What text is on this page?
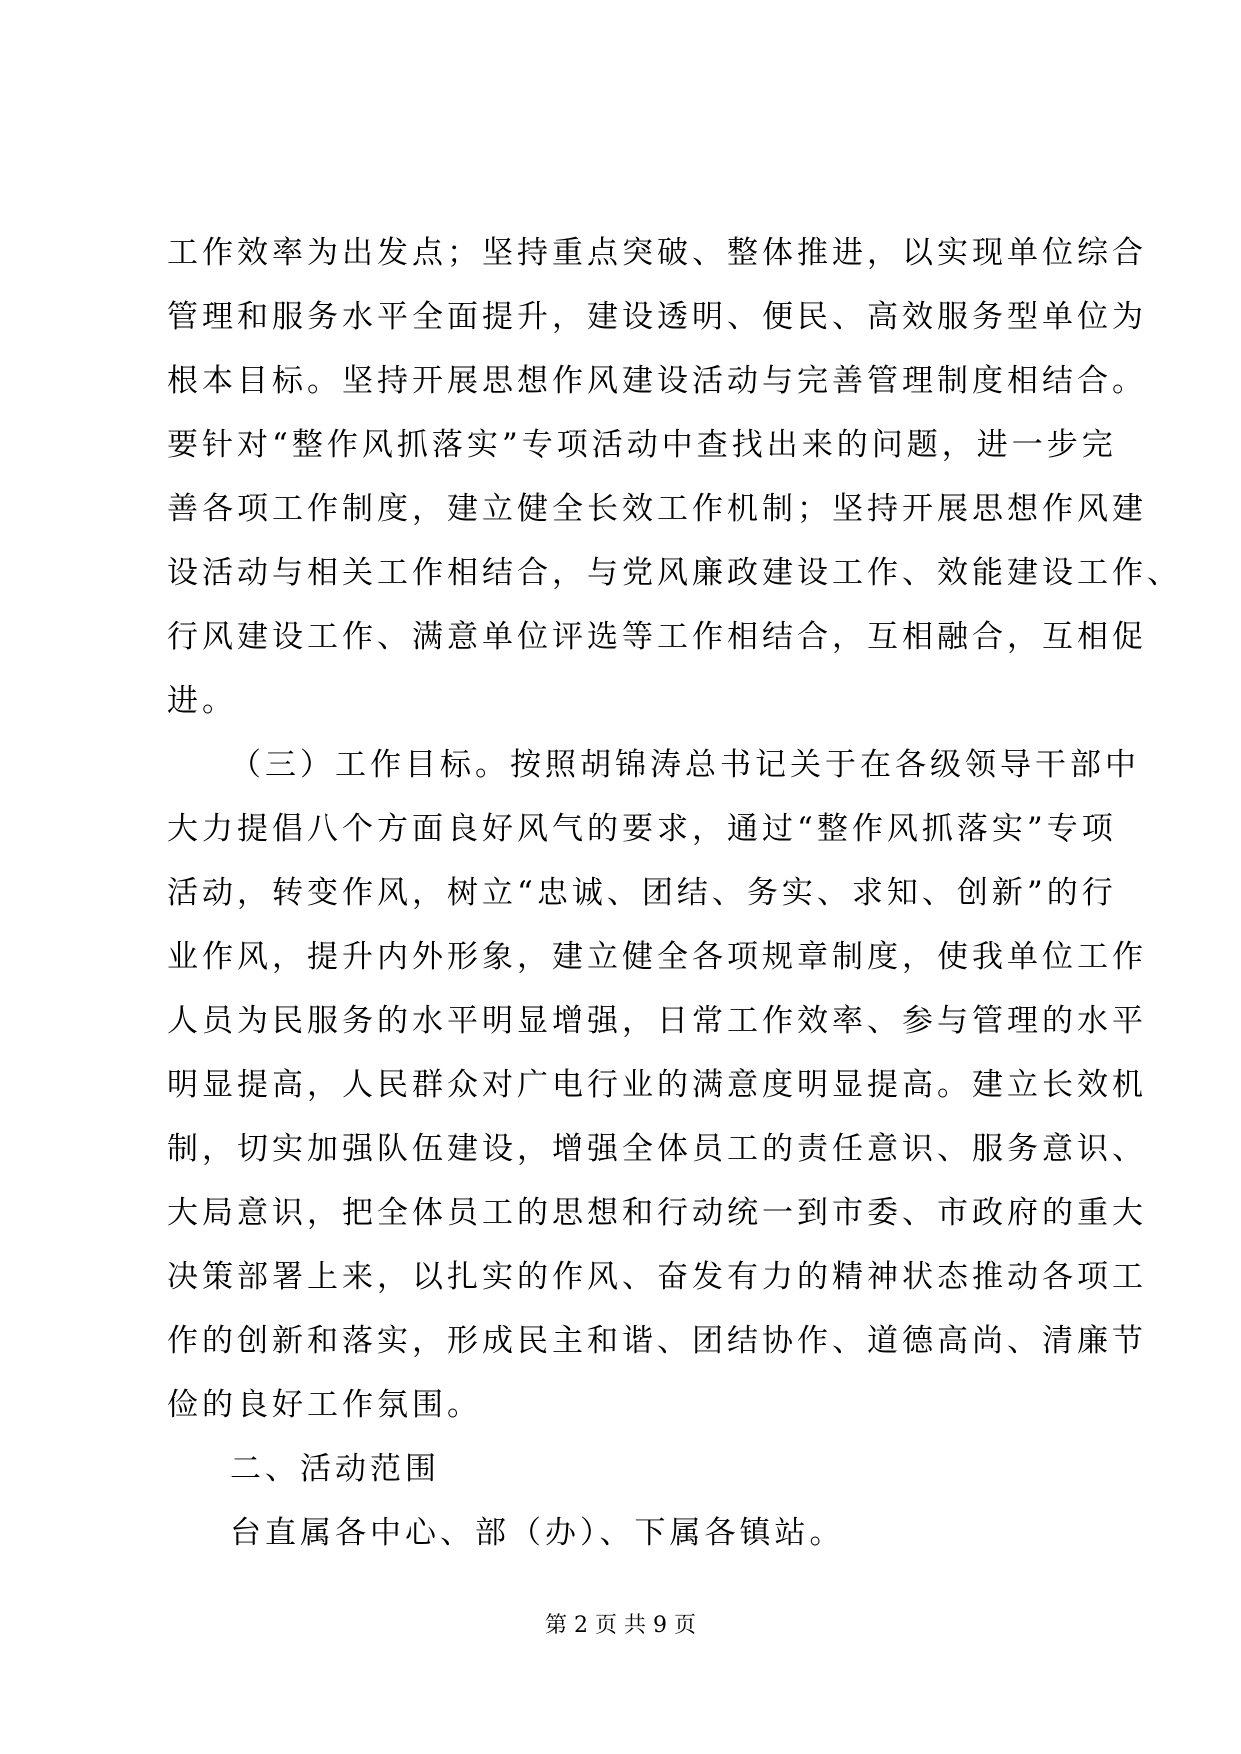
工作效率为出发点；坚持重点突破、整体推进，以实现单位综合
管理和服务水平全面提升，建设透明、便民、高效服务型单位为
根本目标。坚持开展思想作风建设活动与完善管理制度相结合。
要针对“整作风抓落实”专项活动中查找出来的问题，进一步完
善各项工作制度，建立健全长效工作机制；坚持开展思想作风建
设活动与相关工作相结合，与党风廉政建设工作、效能建设工作、
行风建设工作、满意单位评选等工作相结合，互相融合，互相促
进。
（三）工作目标。按照胡锦涛总书记关于在各级领导干部中
大力提倡八个方面良好风气的要求，通过“整作风抓落实”专项
活动，转变作风，树立“忠诚、团结、务实、求知、创新”的行
业作风，提升内外形象，建立健全各项规章制度，使我单位工作
人员为民服务的水平明显增强，日常工作效率、参与管理的水平
明显提高，人民群众对广电行业的满意度明显提高。建立长效机
制，切实加强队伍建设，增强全体员工的责任意识、服务意识、
大局意识，把全体员工的思想和行动统一到市委、市政府的重大
决策部署上来，以扎实的作风、奋发有力的精神状态推动各项工
作的创新和落实，形成民主和谐、团结协作、道德高尚、清廉节
俭的良好工作氛围。
二、活动范围
台直属各中心、部（办）、下属各镇站。
第 2 页 共 9 页
